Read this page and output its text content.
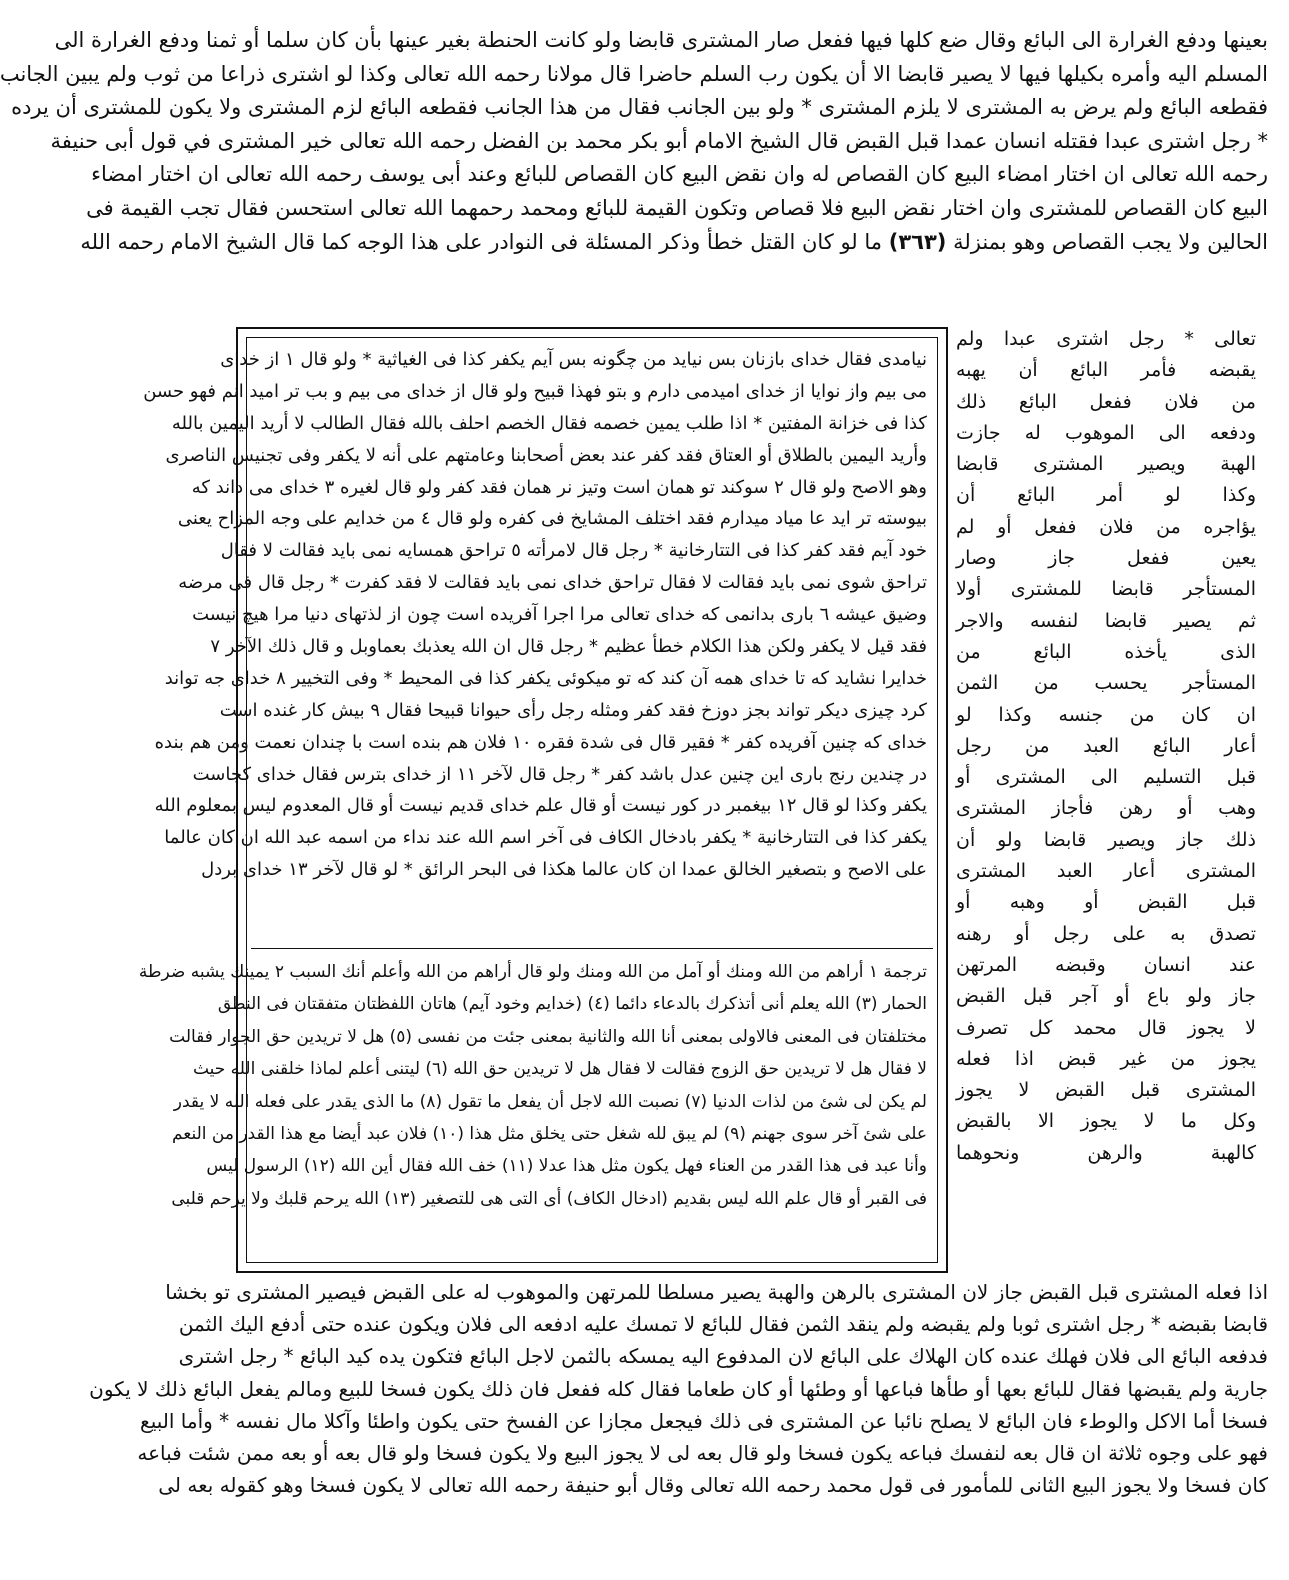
بعينها ودفع الغرارة الى البائع وقال ضع كلها فيها ففعل صار المشترى قابضا ولو كانت الحنطة بغير عينها بأن كان سلما أو ثمنا ودفع الغرارة الى
المسلم اليه وأمره بكيلها فيها لا يصير قابضا الا أن يكون رب السلم حاضرا قال مولانا رحمه الله تعالى وكذا لو اشترى ذراعا من ثوب ولم يبين الجانب
فقطعه البائع ولم يرض به المشترى لا يلزم المشترى * ولو بين الجانب فقال من هذا الجانب فقطعه البائع لزم المشترى ولا يكون للمشترى أن يرده
* رجل اشترى عبدا فقتله انسان عمدا قبل القبض قال الشيخ الامام أبو بكر محمد بن الفضل رحمه الله تعالى خير المشترى في قول أبى حنيفة
رحمه الله تعالى ان اختار امضاء البيع كان القصاص له وان نقض البيع كان القصاص للبائع وعند أبى يوسف رحمه الله تعالى ان اختار امضاء
البيع كان القصاص للمشترى وان اختار نقض البيع فلا قصاص وتكون القيمة للبائع ومحمد رحمهما الله تعالى استحسن فقال تجب القيمة فى
الحالين ولا يجب القصاص وهو بمنزلة (٣٦٣) ما لو كان القتل خطأ وذكر المسئلة فى النوادر على هذا الوجه كما قال الشيخ الامام رحمه الله
تعالى * رجل اشترى عبدا ولم
يقبضه فأمر البائع أن يهبه
من فلان ففعل البائع ذلك
ودفعه الى الموهوب له جازت
الهبة ويصير المشترى قابضا
وكذا لو أمر البائع أن
يؤاجره من فلان ففعل أو لم
يعين ففعل جاز وصار
المستأجر قابضا للمشترى أولا
ثم يصير قابضا لنفسه والاجر
الذى يأخذه البائع من
المستأجر يحسب من الثمن
ان كان من جنسه وكذا لو
أعار البائع العبد من رجل
قبل التسليم الى المشترى أو
وهب أو رهن فأجاز المشترى
ذلك جاز ويصير قابضا ولو أن
المشترى أعار العبد المشترى
قبل القبض أو وهبه أو
تصدق به على رجل أو رهنه
عند انسان وقبضه المرتهن
جاز ولو باع أو آجر قبل القبض
لا يجوز قال محمد كل تصرف
يجوز من غير قبض اذا فعله
المشترى قبل القبض لا يجوز
وكل ما لا يجوز الا بالقبض
كالهبة والرهن ونحوهما
نيامدى فقال خداى بازنان بس نيايد من چگونه بس آيم يكفر كذا فى الغياثية * ولو قال ١ از خداى
مى بيم واز نوايا از خداى اميدمى دارم و بتو فهذا قبيح ولو قال از خداى مى بيم و بب تر اميد انم فهو حسن
كذا فى خزانة المفتين * اذا طلب يمين خصمه فقال الخصم احلف بالله فقال الطالب لا أريد اليمين بالله
وأريد اليمين بالطلاق أو العتاق فقد كفر عند بعض أصحابنا وعامتهم على أنه لا يكفر وفى تجنيس الناصرى
وهو الاصح ولو قال ٢ سوكند تو همان است وتيز نر همان فقد كفر ولو قال لغيره ٣ خداى مى داند كه
بيوسته تر ايد عا مياد ميدارم فقد اختلف المشايخ فى كفره ولو قال ٤ من خدايم على وجه المزاح يعنى
خود آيم فقد كفر كذا فى التتارخانية * رجل قال لامرأته ٥ تراحق همسايه نمى بايد فقالت لا فقال
تراحق شوى نمى بايد فقالت لا فقال تراحق خداى نمى بايد فقالت لا فقد كفرت * رجل قال فى مرضه
وضيق عيشه ٦ بارى بدانمى كه خداى تعالى مرا اجرا آفريده است چون از لذتهاى دنيا مرا هيچ نيست
فقد قيل لا يكفر ولكن هذا الكلام خطأ عظيم * رجل قال ان الله يعذبك بعماوبل و قال ذلك الآخر ٧
خدايرا نشايد كه تا خداى همه آن كند كه تو ميكوئى يكفر كذا فى المحيط * وفى التخيير ٨ خداى جه تواند
كرد چيزى ديكر تواند بجز دوزخ فقد كفر ومثله رجل رأى حيوانا قبيحا فقال ٩ بيش كار غنده است
خداى كه چنين آفريده كفر * فقير قال فى شدة فقره ١٠ فلان هم بنده است با چندان نعمت ومن هم بنده
در چندين رنج بارى اين چنين عدل باشد كفر * رجل قال لآخر ١١ از خداى بترس فقال خداى كجاست
يكفر وكذا لو قال ١٢ بيغمبر در كور نيست أو قال علم خداى قديم نيست أو قال المعدوم ليس بمعلوم الله
يكفر كذا فى التتارخانية * يكفر بادخال الكاف فى آخر اسم الله عند نداء من اسمه عبد الله ان كان عالما
على الاصح و بتصغير الخالق عمدا ان كان عالما هكذا فى البحر الرائق * لو قال لآخر ١٣ خداى بردل
ترجمة ١ أراهم من الله ومنك أو آمل من الله ومنك ولو قال أراهم من الله وأعلم أنك السبب ٢ يمينك يشبه ضرطة
الحمار (٣) الله يعلم أنى أتذكرك بالدعاء دائما (٤) (خدايم وخود آيم) هاتان اللفظتان متفقتان فى النطق
مختلفتان فى المعنى فالاولى بمعنى أنا الله والثانية بمعنى جئت من نفسى (٥) هل لا تريدين حق الجوار فقالت
لا فقال هل لا تريدين حق الزوج فقالت لا فقال هل لا تريدين حق الله (٦) ليتنى أعلم لماذا خلقنى الله حيث
لم يكن لى شئ من لذات الدنيا (٧) نصبت الله لاجل أن يفعل ما تقول (٨) ما الذى يقدر على فعله الله لا يقدر
على شئ آخر سوى جهنم (٩) لم يبق لله شغل حتى يخلق مثل هذا (١٠) فلان عبد أيضا مع هذا القدر من النعم
وأنا عبد فى هذا القدر من العناء فهل يكون مثل هذا عدلا (١١) خف الله فقال أين الله (١٢) الرسول ليس
فى القبر أو قال علم الله ليس بقديم (ادخال الكاف) أى التى هى للتصغير (١٣) الله يرحم قلبك ولا يرحم قلبى
اذا فعله المشترى قبل القبض جاز لان المشترى بالرهن والهبة يصير مسلطا للمرتهن والموهوب له على القبض فيصير المشترى تو بخشا
قابضا بقبضه * رجل اشترى ثوبا ولم يقبضه ولم ينقد الثمن فقال للبائع لا تمسك عليه ادفعه الى فلان ويكون عنده حتى أدفع اليك الثمن
فدفعه البائع الى فلان فهلك عنده كان الهلاك على البائع لان المدفوع اليه يمسكه بالثمن لاجل البائع فتكون يده كيد البائع * رجل اشترى
جارية ولم يقبضها فقال للبائع بعها أو طأها فباعها أو وطئها أو كان طعاما فقال كله ففعل فان ذلك يكون فسخا للبيع ومالم يفعل البائع ذلك لا يكون
فسخا أما الاكل والوطء فان البائع لا يصلح نائبا عن المشترى فى ذلك فيجعل مجازا عن الفسخ حتى يكون واطئا وآكلا مال نفسه * وأما البيع
فهو على وجوه ثلاثة ان قال بعه لنفسك فباعه يكون فسخا ولو قال بعه لى لا يجوز البيع ولا يكون فسخا ولو قال بعه أو بعه ممن شئت فباعه
كان فسخا ولا يجوز البيع الثانى للمأمور فى قول محمد رحمه الله تعالى وقال أبو حنيفة رحمه الله تعالى لا يكون فسخا وهو كقوله بعه لى
